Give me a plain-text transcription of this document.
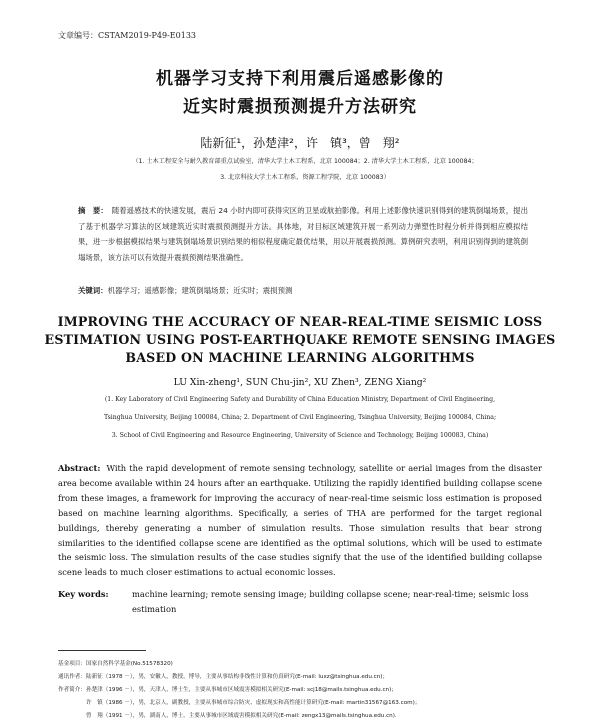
文章编号：CSTAM2019-P49-E0133
机器学习支持下利用震后遥感影像的
近实时震损预测提升方法研究
陆新征¹，孙楚津²，许　镇³，曾　翔²
（1. 土木工程安全与耐久教育部重点试验室，清华大学土木工程系，北京 100084；2. 清华大学土木工程系，北京 100084；
3. 北京科技大学土木工程系，资源工程学院，北京 100083）
摘　要： 随着遥感技术的快速发展，震后 24 小时内即可获得灾区的卫星或航拍影像。利用上述影像快速识别得到的建筑倒塌场景，提出了基于机器学习算法的区域建筑近实时震损预测提升方法。具体地，对目标区域建筑开展一系列动力弹塑性时程分析并得到相应模拟结果，进一步根据模拟结果与建筑倒塌场景识别结果的相似程度确定最优结果，用以开展震损预测。算例研究表明，利用识别得到的建筑倒塌场景，该方法可以有效提升震损预测结果准确性。
关键词：机器学习；遥感影像；建筑倒塌场景；近实时；震损预测
IMPROVING THE ACCURACY OF NEAR-REAL-TIME SEISMIC LOSS
ESTIMATION USING POST-EARTHQUAKE REMOTE SENSING IMAGES
BASED ON MACHINE LEARNING ALGORITHMS
LU Xin-zheng¹, SUN Chu-jin², XU Zhen³, ZENG Xiang²
(1. Key Laboratory of Civil Engineering Safety and Durability of China Education Ministry, Department of Civil Engineering,
Tsinghua University, Beijing 100084, China; 2. Department of Civil Engineering, Tsinghua University, Beijing 100084, China;
3. School of Civil Engineering and Resource Engineering, University of Science and Technology, Beijing 100083, China)
Abstract: With the rapid development of remote sensing technology, satellite or aerial images from the disaster area become available within 24 hours after an earthquake. Utilizing the rapidly identified building collapse scene from these images, a framework for improving the accuracy of near-real-time seismic loss estimation is proposed based on machine learning algorithms. Specifically, a series of THA are performed for the target regional buildings, thereby generating a number of simulation results. Those simulation results that bear strong similarities to the identified collapse scene are identified as the optimal solutions, which will be used to estimate the seismic loss. The simulation results of the case studies signify that the use of the identified building collapse scene leads to much closer estimations to actual economic losses.
Key words:	machine learning; remote sensing image; building collapse scene; near-real-time; seismic loss estimation
基金项目：国家自然科学基金(No.51578320)
通讯作者：陆新征（1978 －），男，安徽人，教授，博导，主要从事结构非线性计算和仿真研究(E-mail: luxz@tsinghua.edu.cn)；
作者简介：孙楚津（1996 －），男，天津人，博士生，主要从事城市区域震害模拟相关研究(E-mail: scj18@mails.tsinghua.edu.cn)；
　　　　　许　镇（1986 －），男，北京人，副教授，主要从事城市综合防灾、虚拟现实和高性能计算研究(E-mail: martin31567@163.com)；
　　　　　曾　翔（1991 －），男，湖南人，博士，主要从事城市区域震害模拟相关研究(E-mail: zengx13@mails.tsinghua.edu.cn).
